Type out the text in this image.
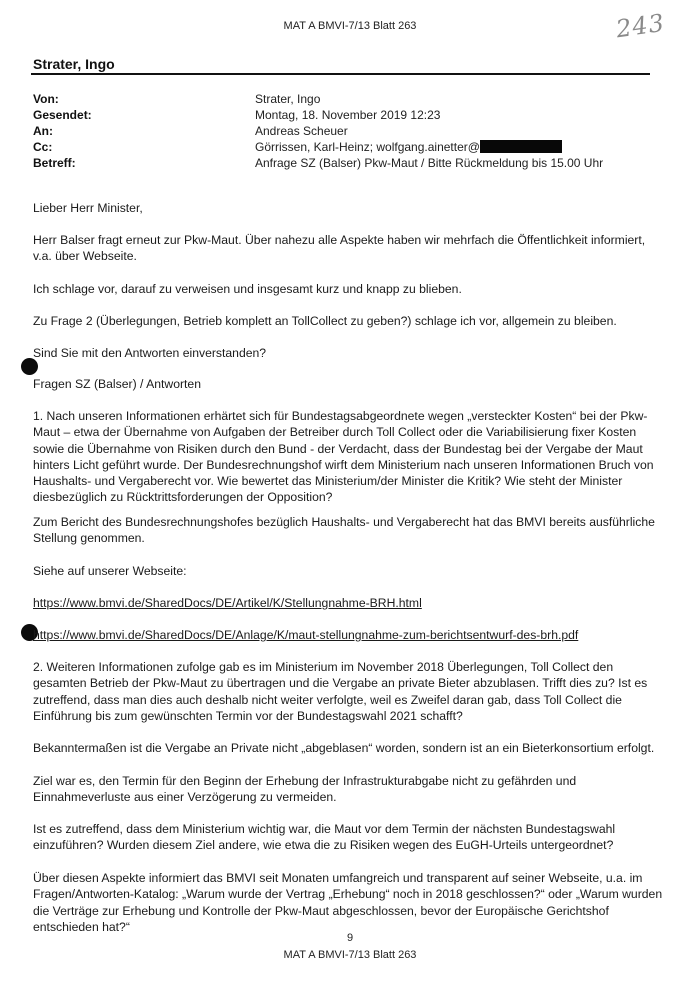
MAT A BMVI-7/13 Blatt 263	243
Strater, Ingo
Von:	Strater, Ingo
Gesendet:	Montag, 18. November 2019 12:23
An:	Andreas Scheuer
Cc:	Görrissen, Karl-Heinz; wolfgang.ainetter@
Betreff:	Anfrage SZ (Balser) Pkw-Maut / Bitte Rückmeldung bis 15.00 Uhr
Lieber Herr Minister,
Herr Balser fragt erneut zur Pkw-Maut. Über nahezu alle Aspekte haben wir mehrfach die Öffentlichkeit informiert, v.a. über Webseite.
Ich schlage vor, darauf zu verweisen und insgesamt kurz und knapp zu blieben.
Zu Frage 2 (Überlegungen, Betrieb komplett an TollCollect zu geben?) schlage ich vor, allgemein zu bleiben.
Sind Sie mit den Antworten einverstanden?
Fragen SZ (Balser) / Antworten
1. Nach unseren Informationen erhärtet sich für Bundestagsabgeordnete wegen „versteckter Kosten“ bei der Pkw-Maut – etwa der Übernahme von Aufgaben der Betreiber durch Toll Collect oder die Variabilisierung fixer Kosten sowie die Übernahme von Risiken durch den Bund - der Verdacht, dass der Bundestag bei der Vergabe der Maut hinters Licht geführt wurde. Der Bundesrechnungshof wirft dem Ministerium nach unseren Informationen Bruch von Haushalts- und Vergaberecht vor. Wie bewertet das Ministerium/der Minister die Kritik? Wie steht der Minister diesbezüglich zu Rücktrittsforderungen der Opposition?
Zum Bericht des Bundesrechnungshofes bezüglich Haushalts- und Vergaberecht hat das BMVI bereits ausführliche Stellung genommen.
Siehe auf unserer Webseite:
https://www.bmvi.de/SharedDocs/DE/Artikel/K/Stellungnahme-BRH.html
https://www.bmvi.de/SharedDocs/DE/Anlage/K/maut-stellungnahme-zum-berichtsentwurf-des-brh.pdf
2. Weiteren Informationen zufolge gab es im Ministerium im November 2018 Überlegungen, Toll Collect den gesamten Betrieb der Pkw-Maut zu übertragen und die Vergabe an private Bieter abzublasen. Trifft dies zu? Ist es zutreffend, dass man dies auch deshalb nicht weiter verfolgte, weil es Zweifel daran gab, dass Toll Collect die Einführung bis zum gewünschten Termin vor der Bundestagswahl 2021 schafft?
Bekanntermaßen ist die Vergabe an Private nicht „abgeblasen“ worden, sondern ist an ein Bieterkonsortium erfolgt.
Ziel war es, den Termin für den Beginn der Erhebung der Infrastrukturabgabe nicht zu gefährden und Einnahmeverluste aus einer Verzögerung zu vermeiden.
Ist es zutreffend, dass dem Ministerium wichtig war, die Maut vor dem Termin der nächsten Bundestagswahl einzuführen? Wurden diesem Ziel andere, wie etwa die zu Risiken wegen des EuGH-Urteils untergeordnet?
Über diesen Aspekte informiert das BMVI seit Monaten umfangreich und transparent auf seiner Webseite, u.a. im Fragen/Antworten-Katalog: „Warum wurde der Vertrag „Erhebung“ noch in 2018 geschlossen?“ oder „Warum wurden die Verträge zur Erhebung und Kontrolle der Pkw-Maut abgeschlossen, bevor der Europäische Gerichtshof entschieden hat?“
9
MAT A BMVI-7/13 Blatt 263
